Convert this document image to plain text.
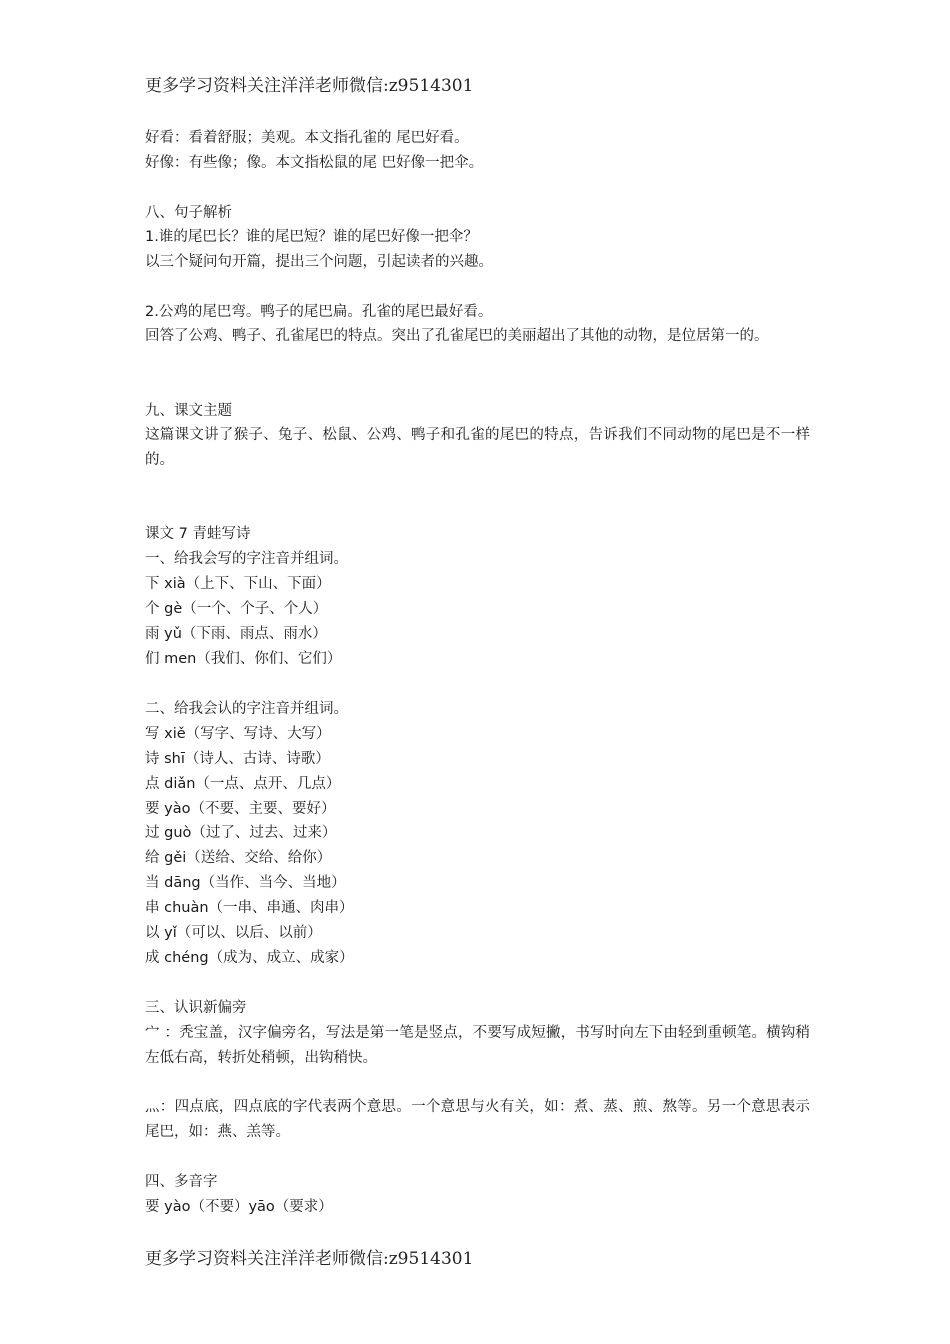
更多学习资料关注洋洋老师微信:z9514301
好看：看着舒服；美观。本文指孔雀的 尾巴好看。
好像：有些像；像。本文指松鼠的尾 巴好像一把伞。
八、句子解析
1.谁的尾巴长？谁的尾巴短？谁的尾巴好像一把伞？
以三个疑问句开篇，提出三个问题，引起读者的兴趣。
2.公鸡的尾巴弯。鸭子的尾巴扁。孔雀的尾巴最好看。
回答了公鸡、鸭子、孔雀尾巴的特点。突出了孔雀尾巴的美丽超出了其他的动物，是位居第一的。
九、课文主题
这篇课文讲了猴子、兔子、松鼠、公鸡、鸭子和孔雀的尾巴的特点，告诉我们不同动物的尾巴是不一样的。
课文 7 青蛙写诗
一、给我会写的字注音并组词。
下 xià（上下、下山、下面）
个 gè（一个、个子、个人）
雨 yǔ（下雨、雨点、雨水）
们 men（我们、你们、它们）
二、给我会认的字注音并组词。
写 xiě（写字、写诗、大写）
诗 shī（诗人、古诗、诗歌）
点 diǎn（一点、点开、几点）
要 yào（不要、主要、要好）
过 guò（过了、过去、过来）
给 gěi（送给、交给、给你）
当 dāng（当作、当今、当地）
串 chuàn（一串、串通、肉串）
以 yǐ（可以、以后、以前）
成 chéng（成为、成立、成家）
三、认识新偏旁
宀 ：秃宝盖，汉字偏旁名，写法是第一笔是竖点，不要写成短撇，书写时向左下由轻到重顿笔。横钩稍左低右高，转折处稍顿，出钩稍快。
灬：四点底，四点底的字代表两个意思。一个意思与火有关，如：煮、蒸、煎、熬等。另一个意思表示尾巴，如：燕、羔等。
四、多音字
要 yào（不要）yāo（要求）
更多学习资料关注洋洋老师微信:z9514301
